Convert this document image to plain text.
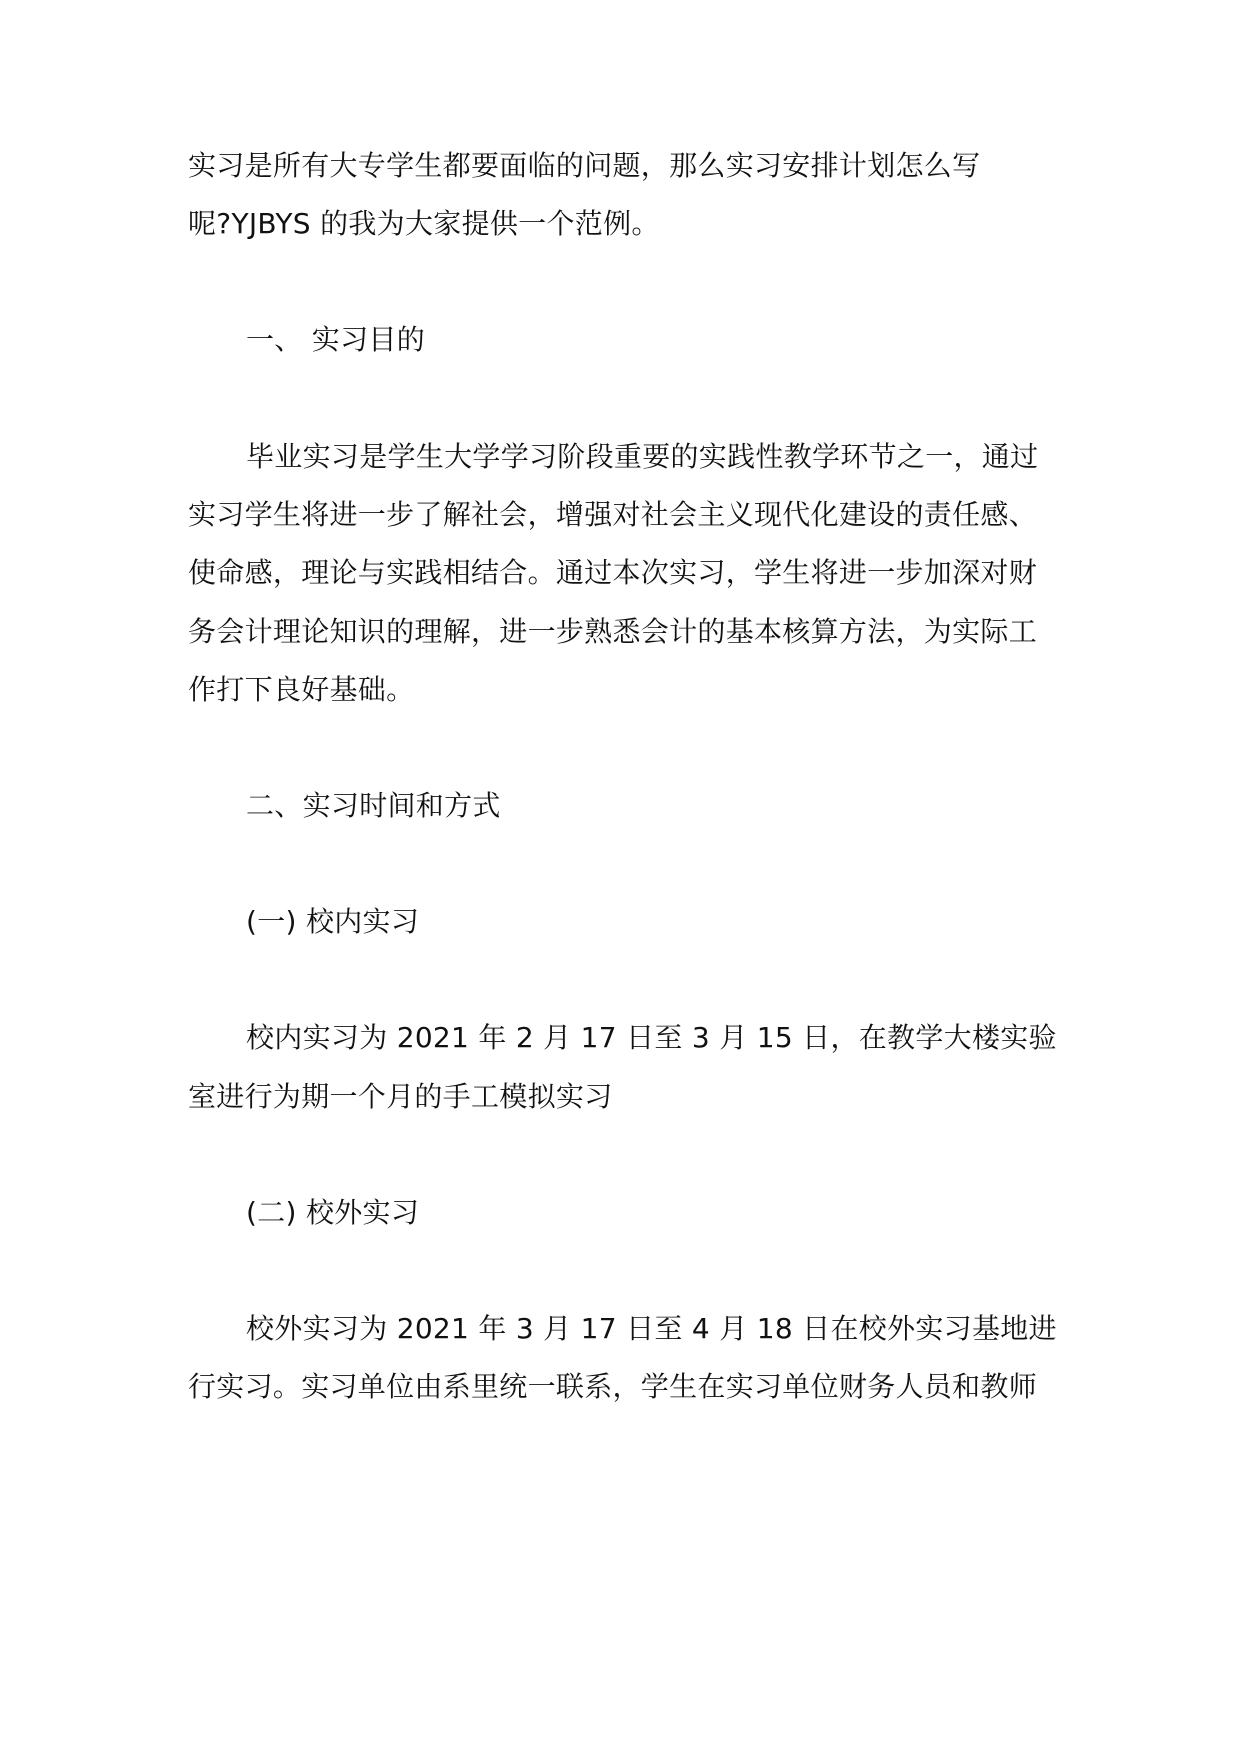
实习是所有大专学生都要面临的问题，那么实习安排计划怎么写
呢?YJBYS 的我为大家提供一个范例。
一、 实习目的
毕业实习是学生大学学习阶段重要的实践性教学环节之一，通过
实习学生将进一步了解社会，增强对社会主义现代化建设的责任感、
使命感，理论与实践相结合。通过本次实习，学生将进一步加深对财
务会计理论知识的理解，进一步熟悉会计的基本核算方法，为实际工
作打下良好基础。
二、实习时间和方式
(一) 校内实习
校内实习为 2021 年 2 月 17 日至 3 月 15 日，在教学大楼实验
室进行为期一个月的手工模拟实习
(二) 校外实习
校外实习为 2021 年 3 月 17 日至 4 月 18 日在校外实习基地进
行实习。实习单位由系里统一联系，学生在实习单位财务人员和教师
